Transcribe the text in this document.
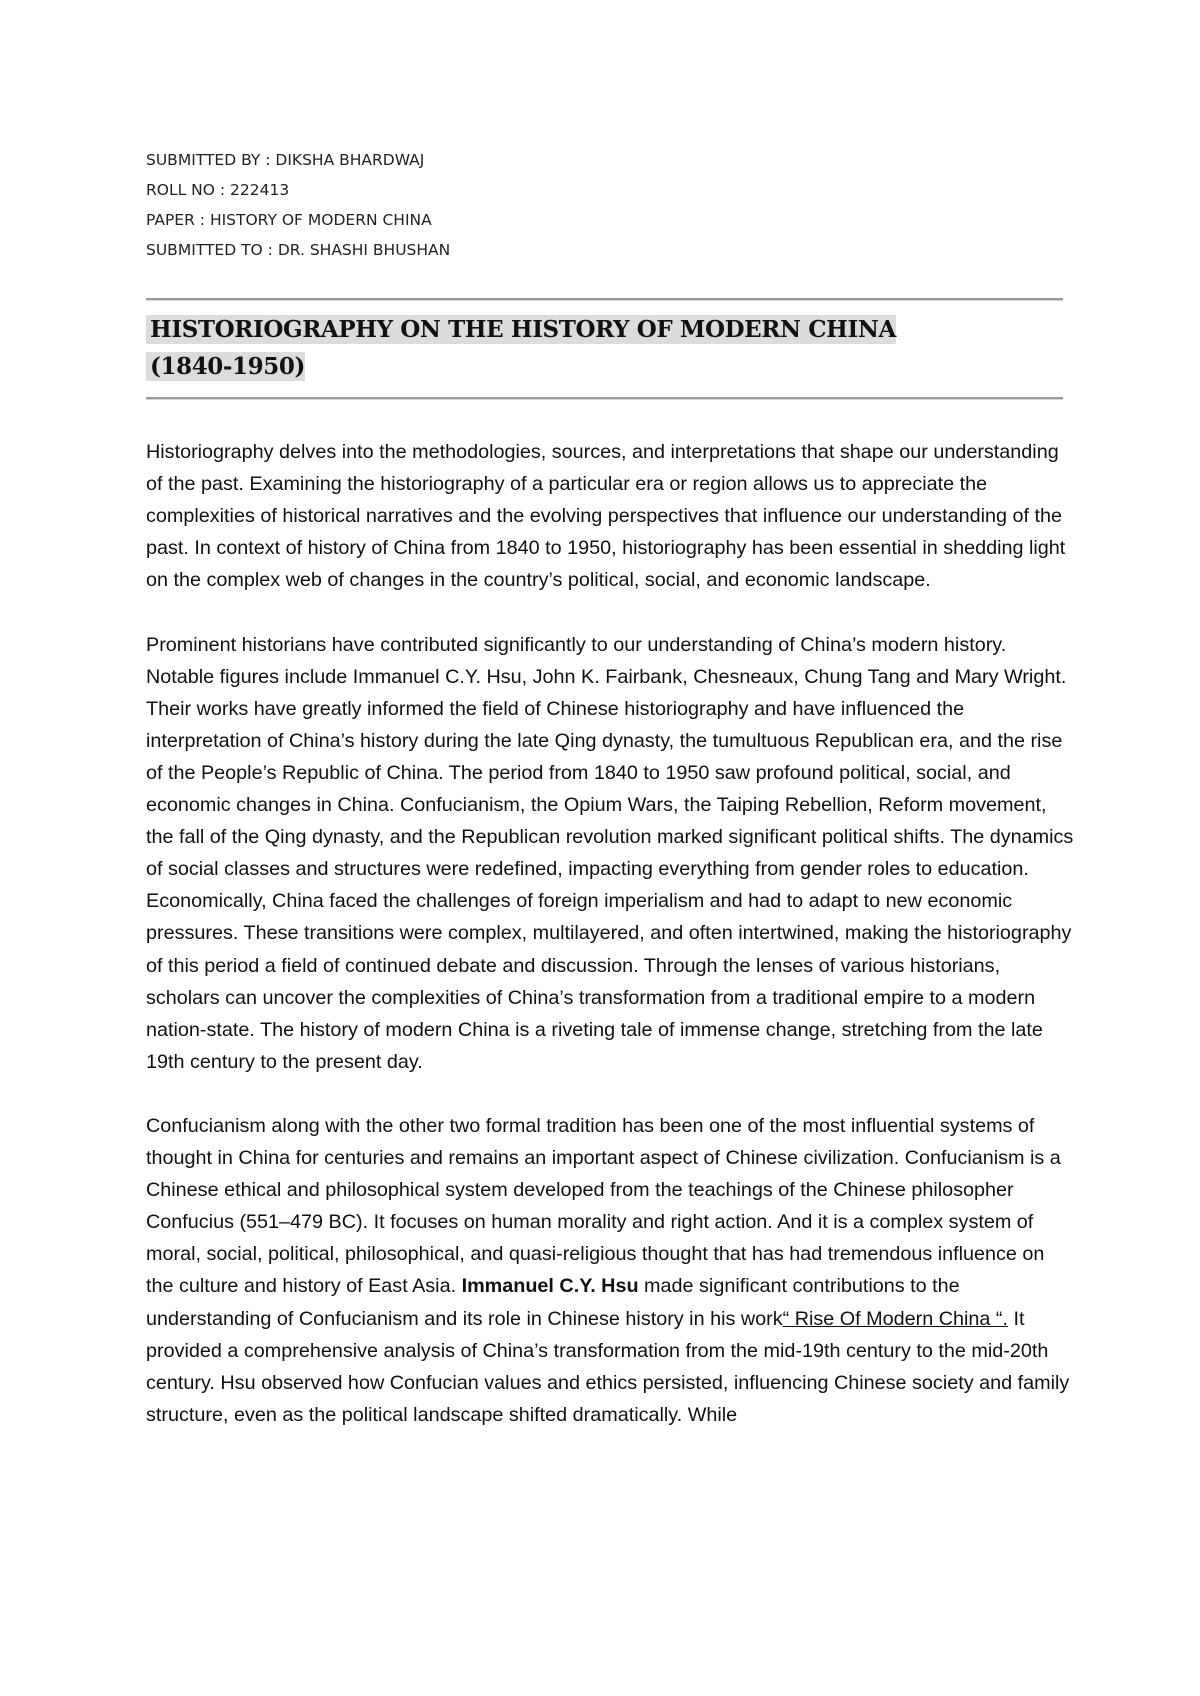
SUBMITTED BY : DIKSHA BHARDWAJ
ROLL NO : 222413
PAPER : HISTORY OF MODERN CHINA
SUBMITTED TO : DR. SHASHI BHUSHAN
HISTORIOGRAPHY ON THE HISTORY OF MODERN CHINA
(1840-1950)

Historiography delves into the methodologies, sources, and interpretations that shape our understanding of the past. Examining the historiography of a particular era or region allows us to appreciate the complexities of historical narratives and the evolving perspectives that influence our understanding of the past. In context of history of China from 1840 to 1950, historiography has been essential in shedding light on the complex web of changes in the country’s political, social, and economic landscape.

Prominent historians have contributed significantly to our understanding of China’s modern history. Notable figures include Immanuel C.Y. Hsu, John K. Fairbank, Chesneaux, Chung Tang and Mary Wright. Their works have greatly informed the field of Chinese historiography and have influenced the interpretation of China’s history during the late Qing dynasty, the tumultuous Republican era, and the rise of the People’s Republic of China. The period from 1840 to 1950 saw profound political, social, and economic changes in China. Confucianism, the Opium Wars, the Taiping Rebellion, Reform movement, the fall of the Qing dynasty, and the Republican revolution marked significant political shifts. The dynamics of social classes and structures were redefined, impacting everything from gender roles to education. Economically, China faced the challenges of foreign imperialism and had to adapt to new economic pressures. These transitions were complex, multilayered, and often intertwined, making the historiography of this period a field of continued debate and discussion. Through the lenses of various historians, scholars can uncover the complexities of China’s transformation from a traditional empire to a modern nation-state. The history of modern China is a riveting tale of immense change, stretching from the late 19th century to the present day.

Confucianism along with the other two formal tradition has been one of the most influential systems of thought in China for centuries and remains an important aspect of Chinese civilization. Confucianism is a Chinese ethical and philosophical system developed from the teachings of the Chinese philosopher Confucius (551–479 BC). It focuses on human morality and right action. And it is a complex system of moral, social, political, philosophical, and quasi-religious thought that has had tremendous influence on the culture and history of East Asia. Immanuel C.Y. Hsu made significant contributions to the understanding of Confucianism and its role in Chinese history in his work“ Rise Of Modern China “. It provided a comprehensive analysis of China’s transformation from the mid-19th century to the mid-20th century. Hsu observed how Confucian values and ethics persisted, influencing Chinese society and family structure, even as the political landscape shifted dramatically. While
